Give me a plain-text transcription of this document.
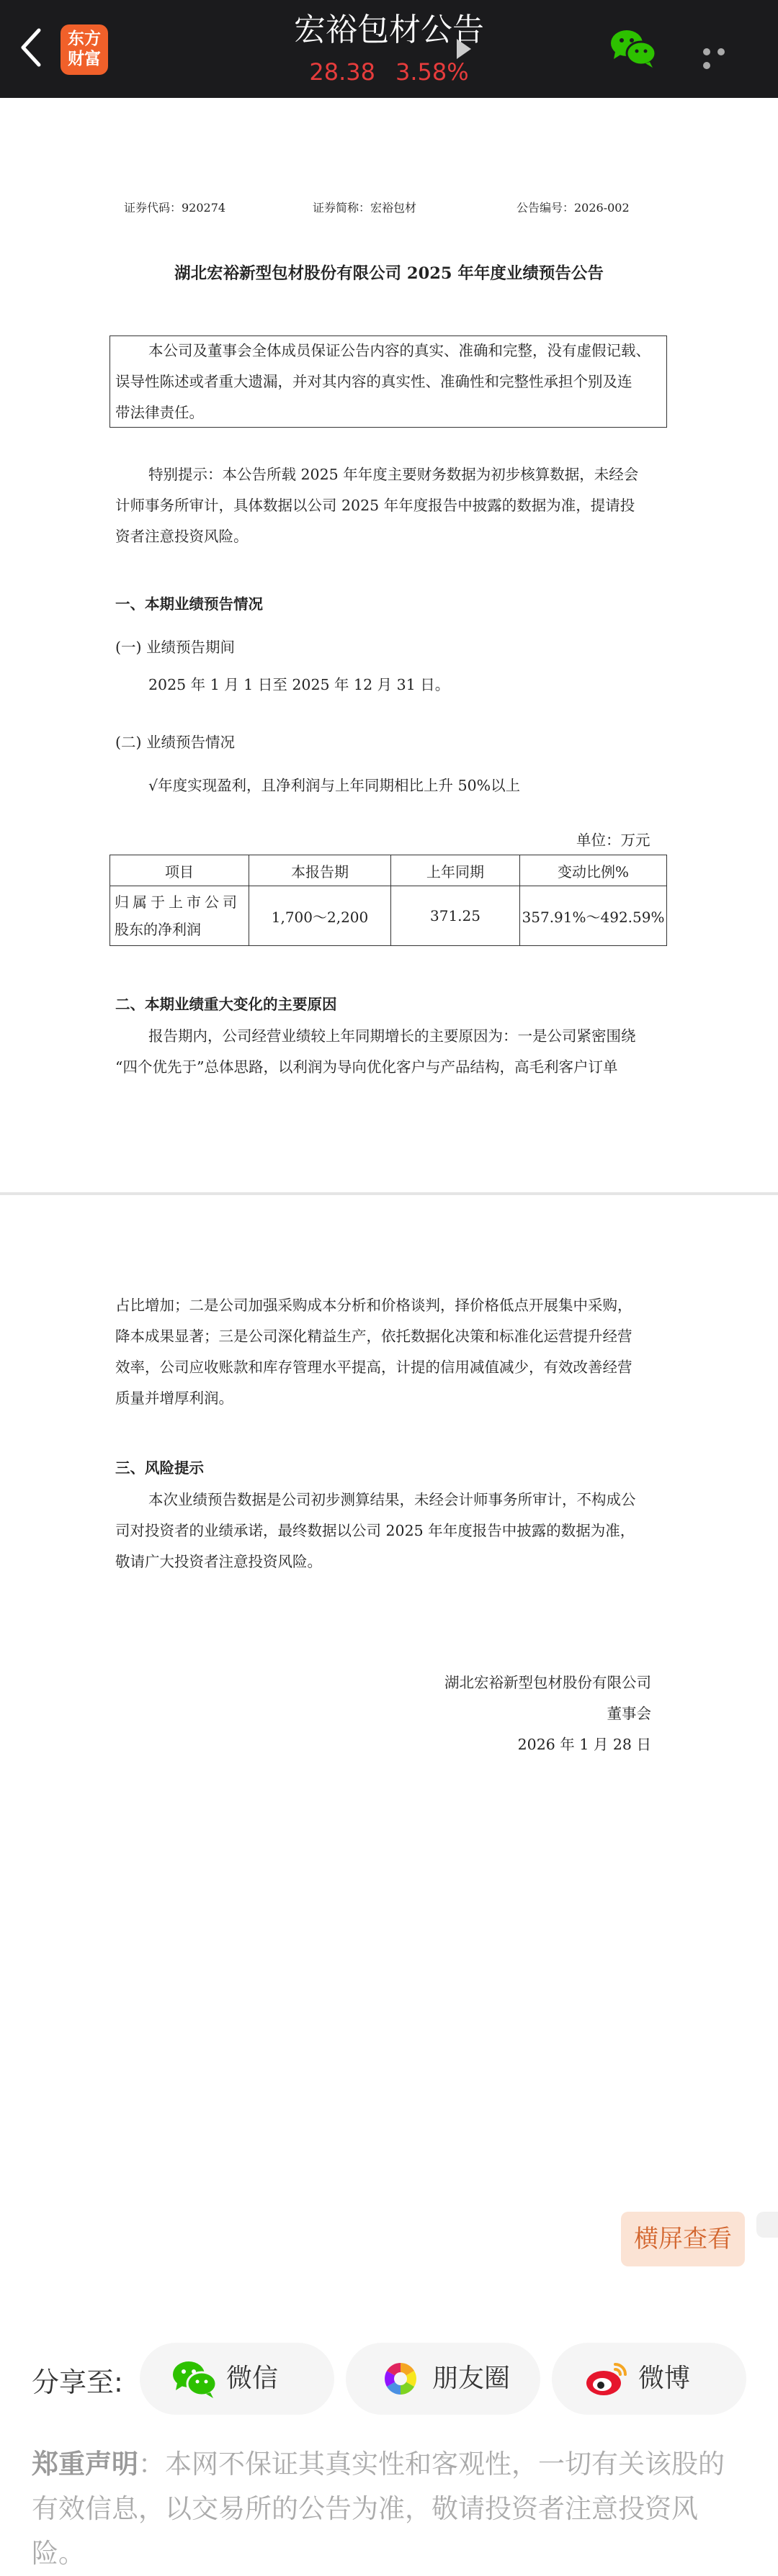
东方
财富
宏裕包材公告
28.38 3.58%
证券代码：920274	证券简称：宏裕包材	公告编号：2026-002
湖北宏裕新型包材股份有限公司 2025 年年度业绩预告公告
本公司及董事会全体成员保证公告内容的真实、准确和完整，没有虚假记载、
误导性陈述或者重大遗漏，并对其内容的真实性、准确性和完整性承担个别及连
带法律责任。
特别提示：本公告所载 2025 年年度主要财务数据为初步核算数据，未经会
计师事务所审计，具体数据以公司 2025 年年度报告中披露的数据为准，提请投
资者注意投资风险。
一、本期业绩预告情况
(一) 业绩预告期间
2025 年 1 月 1 日至 2025 年 12 月 31 日。
(二) 业绩预告情况
√年度实现盈利，且净利润与上年同期相比上升 50%以上
单位：万元
项目	本报告期	上年同期	变动比例%

归属于上市公司
股东的净利润	1,700～2,200	371.25	357.91%～492.59%
二、本期业绩重大变化的主要原因
报告期内，公司经营业绩较上年同期增长的主要原因为：一是公司紧密围绕
“四个优先于”总体思路，以利润为导向优化客户与产品结构，高毛利客户订单
占比增加；二是公司加强采购成本分析和价格谈判，择价格低点开展集中采购，
降本成果显著；三是公司深化精益生产，依托数据化决策和标准化运营提升经营
效率，公司应收账款和库存管理水平提高，计提的信用减值减少，有效改善经营
质量并增厚利润。
三、风险提示
本次业绩预告数据是公司初步测算结果，未经会计师事务所审计，不构成公
司对投资者的业绩承诺，最终数据以公司 2025 年年度报告中披露的数据为准，
敬请广大投资者注意投资风险。
湖北宏裕新型包材股份有限公司
董事会
2026 年 1 月 28 日
横屏查看
分享至:	微信	朋友圈	微博
郑重声明：本网不保证其真实性和客观性，一切有关该股的有效信息，以交易所的公告为准，敬请投资者注意投资风险。
